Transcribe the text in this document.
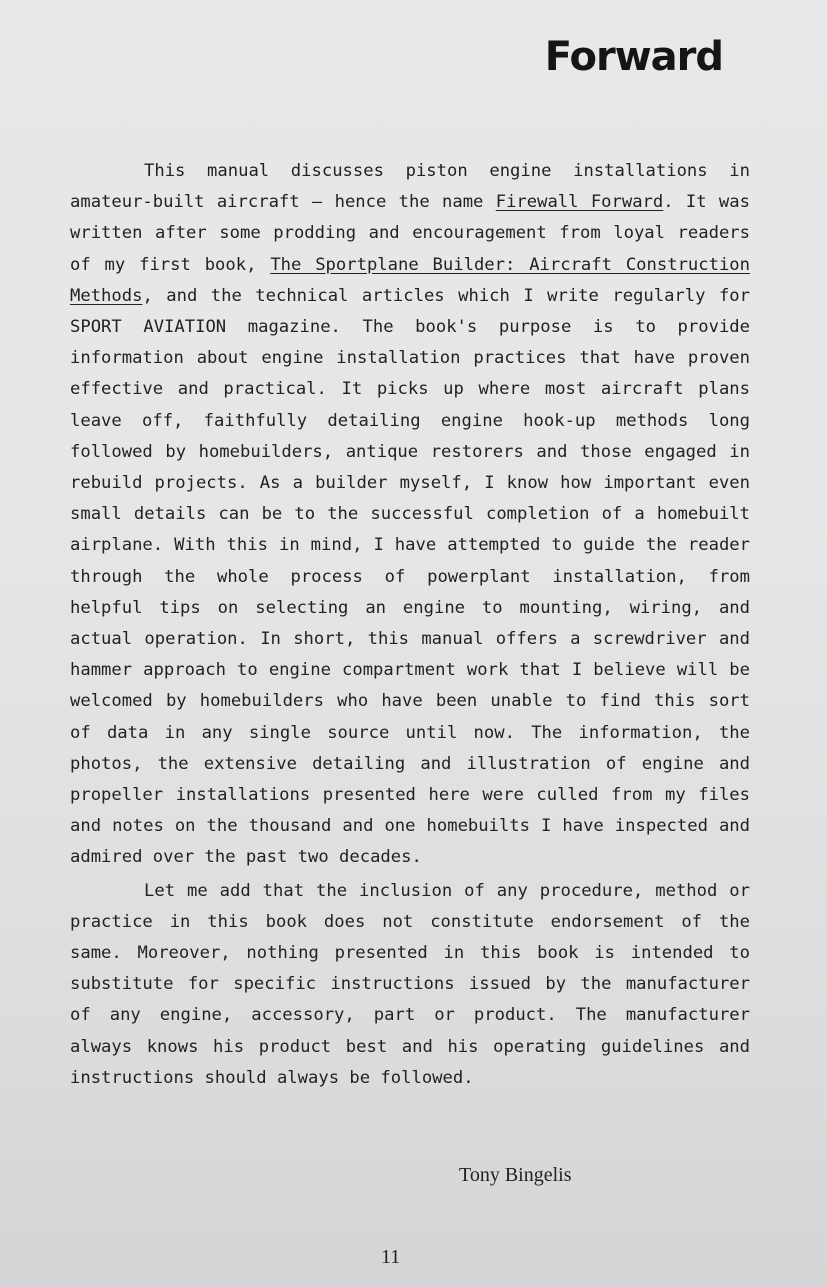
Forward

This manual discusses piston engine installations in amateur-built aircraft — hence the name Firewall Forward. It was written after some prodding and encouragement from loyal readers of my first book, The Sportplane Builder: Aircraft Construction Methods, and the technical articles which I write regularly for SPORT AVIATION magazine. The book's purpose is to provide information about engine installation practices that have proven effective and practical. It picks up where most aircraft plans leave off, faithfully detailing engine hook-up methods long followed by homebuilders, antique restorers and those engaged in rebuild projects. As a builder myself, I know how important even small details can be to the successful completion of a homebuilt airplane. With this in mind, I have attempted to guide the reader through the whole process of powerplant installation, from helpful tips on selecting an engine to mounting, wiring, and actual operation. In short, this manual offers a screwdriver and hammer approach to engine compartment work that I believe will be welcomed by homebuilders who have been unable to find this sort of data in any single source until now. The information, the photos, the extensive detailing and illustration of engine and propeller installations presented here were culled from my files and notes on the thousand and one homebuilts I have inspected and admired over the past two decades.

Let me add that the inclusion of any procedure, method or practice in this book does not constitute endorsement of the same. Moreover, nothing presented in this book is intended to substitute for specific instructions issued by the manufacturer of any engine, accessory, part or product. The manufacturer always knows his product best and his operating guidelines and instructions should always be followed.

Tony Bingelis
11
